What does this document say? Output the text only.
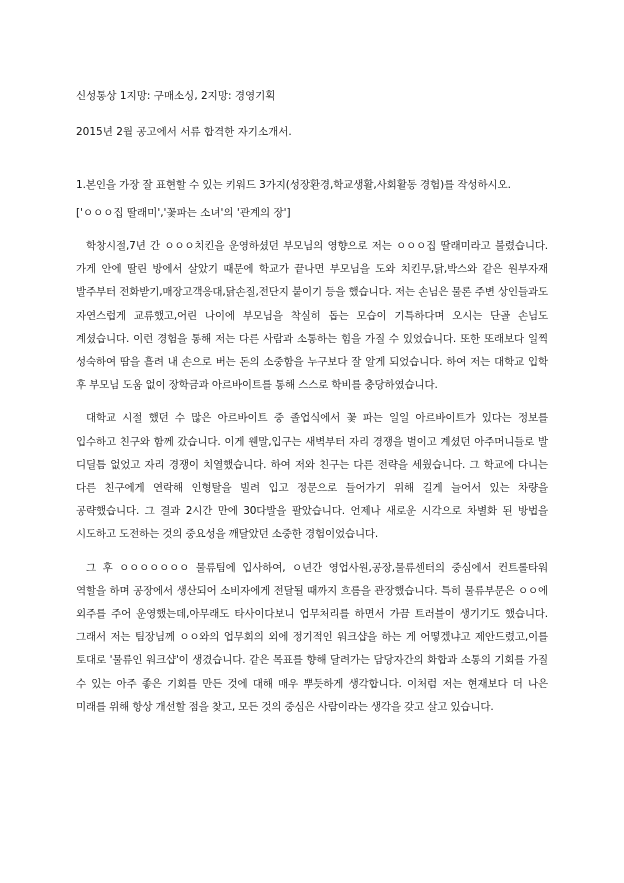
신성통상 1지망: 구매소싱, 2지망: 경영기획

2015년 2월 공고에서 서류 합격한 자기소개서.

1.본인을 가장 잘 표현할 수 있는 키워드 3가지(성장환경,학교생활,사회활동 경험)를 작성하시오.

['ㅇㅇㅇ집 딸래미','꽃파는 소녀'의 '관계의 장']

학창시절,7년 간 ㅇㅇㅇ치킨을 운영하셨던 부모님의 영향으로 저는 ㅇㅇㅇ집 딸래미라고 불렸습니다. 가게 안에 딸린 방에서 살았기 때문에 학교가 끝나면 부모님을 도와 치킨무,닭,박스와 같은 원부자재 발주부터 전화받기,매장고객응대,닭손질,전단지 붙이기 등을 했습니다. 저는 손님은 물론 주변 상인들과도 자연스럽게 교류했고,어린 나이에 부모님을 착실히 돕는 모습이 기특하다며 오시는 단골 손님도 계셨습니다. 이런 경험을 통해 저는 다른 사람과 소통하는 힘을 가질 수 있었습니다. 또한 또래보다 일찍 성숙하여 땀을 흘려 내 손으로 버는 돈의 소중함을 누구보다 잘 알게 되었습니다. 하여 저는 대학교 입학 후 부모님 도움 없이 장학금과 아르바이트를 통해 스스로 학비를 충당하였습니다.

대학교 시절 했던 수 많은 아르바이트 중 졸업식에서 꽃 파는 일일 아르바이트가 있다는 정보를 입수하고 친구와 함께 갔습니다. 이게 웬말,입구는 새벽부터 자리 경쟁을 벌이고 계셨던 아주머니들로 발 디딜틈 없었고 자리 경쟁이 치열했습니다. 하여 저와 친구는 다른 전략을 세웠습니다. 그 학교에 다니는 다른 친구에게 연락해 인형탈을 빌려 입고 정문으로 들어가기 위해 길게 늘어서 있는 차량을 공략했습니다. 그 결과 2시간 만에 30다발을 팔았습니다. 언제나 새로운 시각으로 차별화 된 방법을 시도하고 도전하는 것의 중요성을 깨달았던 소중한 경험이었습니다.

그 후 ㅇㅇㅇㅇㅇㅇㅇ 물류팀에 입사하여, ㅇ년간 영업사원,공장,물류센터의 중심에서 컨트롤타워 역할을 하며 공장에서 생산되어 소비자에게 전달될 때까지 흐름을 관장했습니다. 특히 물류부문은 ㅇㅇ에 외주를 주어 운영했는데,아무래도 타사이다보니 업무처리를 하면서 가끔 트러블이 생기기도 했습니다. 그래서 저는 팀장님께 ㅇㅇ와의 업무회의 외에 정기적인 워크샵을 하는 게 어떻겠냐고 제안드렸고,이를 토대로 '물류인 워크샵'이 생겼습니다. 같은 목표를 향해 달려가는 담당자간의 화합과 소통의 기회를 가질 수 있는 아주 좋은 기회를 만든 것에 대해 매우 뿌듯하게 생각합니다. 이처럼 저는 현재보다 더 나은 미래를 위해 항상 개선할 점을 찾고, 모든 것의 중심은 사람이라는 생각을 갖고 살고 있습니다.
